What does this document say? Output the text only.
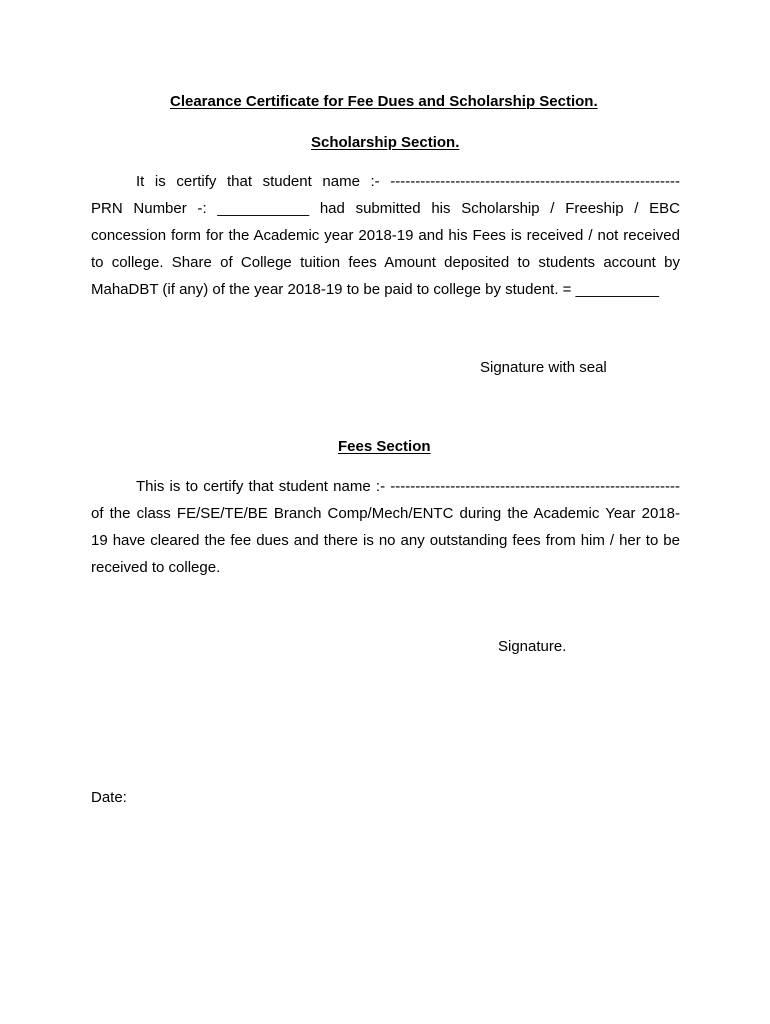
Clearance Certificate for Fee Dues and Scholarship Section.
Scholarship Section.
It is certify that student name :- ----------------------------------------------------------
PRN Number -: ___________ had submitted his Scholarship / Freeship / EBC
concession form for the Academic year 2018-19 and his Fees is received / not received
to college. Share of College tuition fees Amount deposited to students account by
MahaDBT (if any) of the year 2018-19 to be paid to college by student. = __________
Signature with seal
Fees Section
This is to certify that student name :- ----------------------------------------------------------
of the class FE/SE/TE/BE Branch Comp/Mech/ENTC during the Academic Year 2018-
19 have cleared the fee dues and there is no any outstanding fees from him / her to be
received to college.
Signature.
Date:
